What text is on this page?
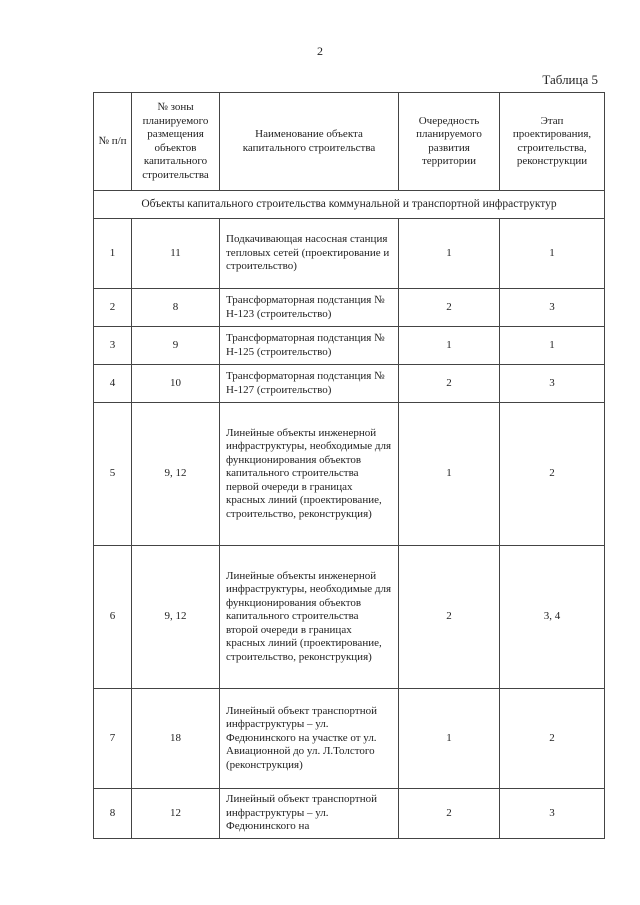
2
Таблица 5
№ п/п	№ зоны планируемого размещения объектов капитального строительства	Наименование объекта капитального строительства	Очередность планируемого развития территории	Этап проектирования, строительства, реконструкции
Объекты капитального строительства коммунальной и транспортной инфраструктур				
1	11	Подкачивающая насосная станция тепловых сетей (проектирование и строительство)	1	1
2	8	Трансформаторная подстанция № Н-123 (строительство)	2	3
3	9	Трансформаторная подстанция № Н-125 (строительство)	1	1
4	10	Трансформаторная подстанция № Н-127 (строительство)	2	3
5	9, 12	Линейные объекты инженерной инфраструктуры, необходимые для функционирования объектов капитального строительства первой очереди в границах красных линий (проектирование, строительство, реконструкция)	1	2
6	9, 12	Линейные объекты инженерной инфраструктуры, необходимые для функционирования объектов капитального строительства второй очереди в границах красных линий (проектирование, строительство, реконструкция)	2	3, 4
7	18	Линейный объект транспортной инфраструктуры – ул. Федюнинского на участке от ул. Авиационной до ул. Л.Толстого (реконструкция)	1	2
8	12	Линейный объект транспортной инфраструктуры – ул. Федюнинского на	2	3
